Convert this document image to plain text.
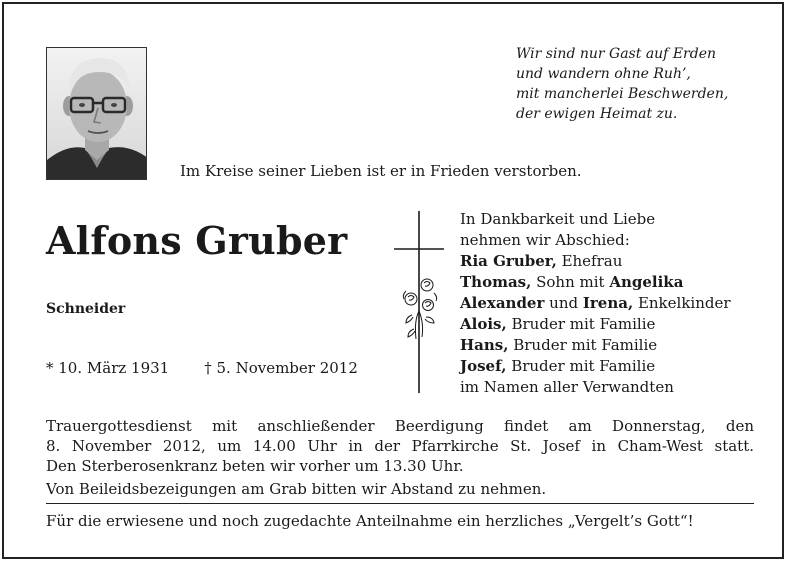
Wir sind nur Gast auf Erden
und wandern ohne Ruh’,
mit mancherlei Beschwerden,
der ewigen Heimat zu.
Im Kreise seiner Lieben ist er in Frieden verstorben.
Alfons Gruber
Schneider
* 10. März 1931 † 5. November 2012
In Dankbarkeit und Liebe
nehmen wir Abschied:
Ria Gruber, Ehefrau
Thomas, Sohn mit Angelika
Alexander und Irena, Enkelkinder
Alois, Bruder mit Familie
Hans, Bruder mit Familie
Josef, Bruder mit Familie
im Namen aller Verwandten
Trauergottesdienst mit anschließender Beerdigung findet am Donnerstag, den
8. November 2012, um 14.00 Uhr in der Pfarrkirche St. Josef in Cham-West statt.
Den Sterberosenkranz beten wir vorher um 13.30 Uhr.
Von Beileidsbezeigungen am Grab bitten wir Abstand zu nehmen.
Für die erwiesene und noch zugedachte Anteilnahme ein herzliches „Vergelt’s Gott“!
